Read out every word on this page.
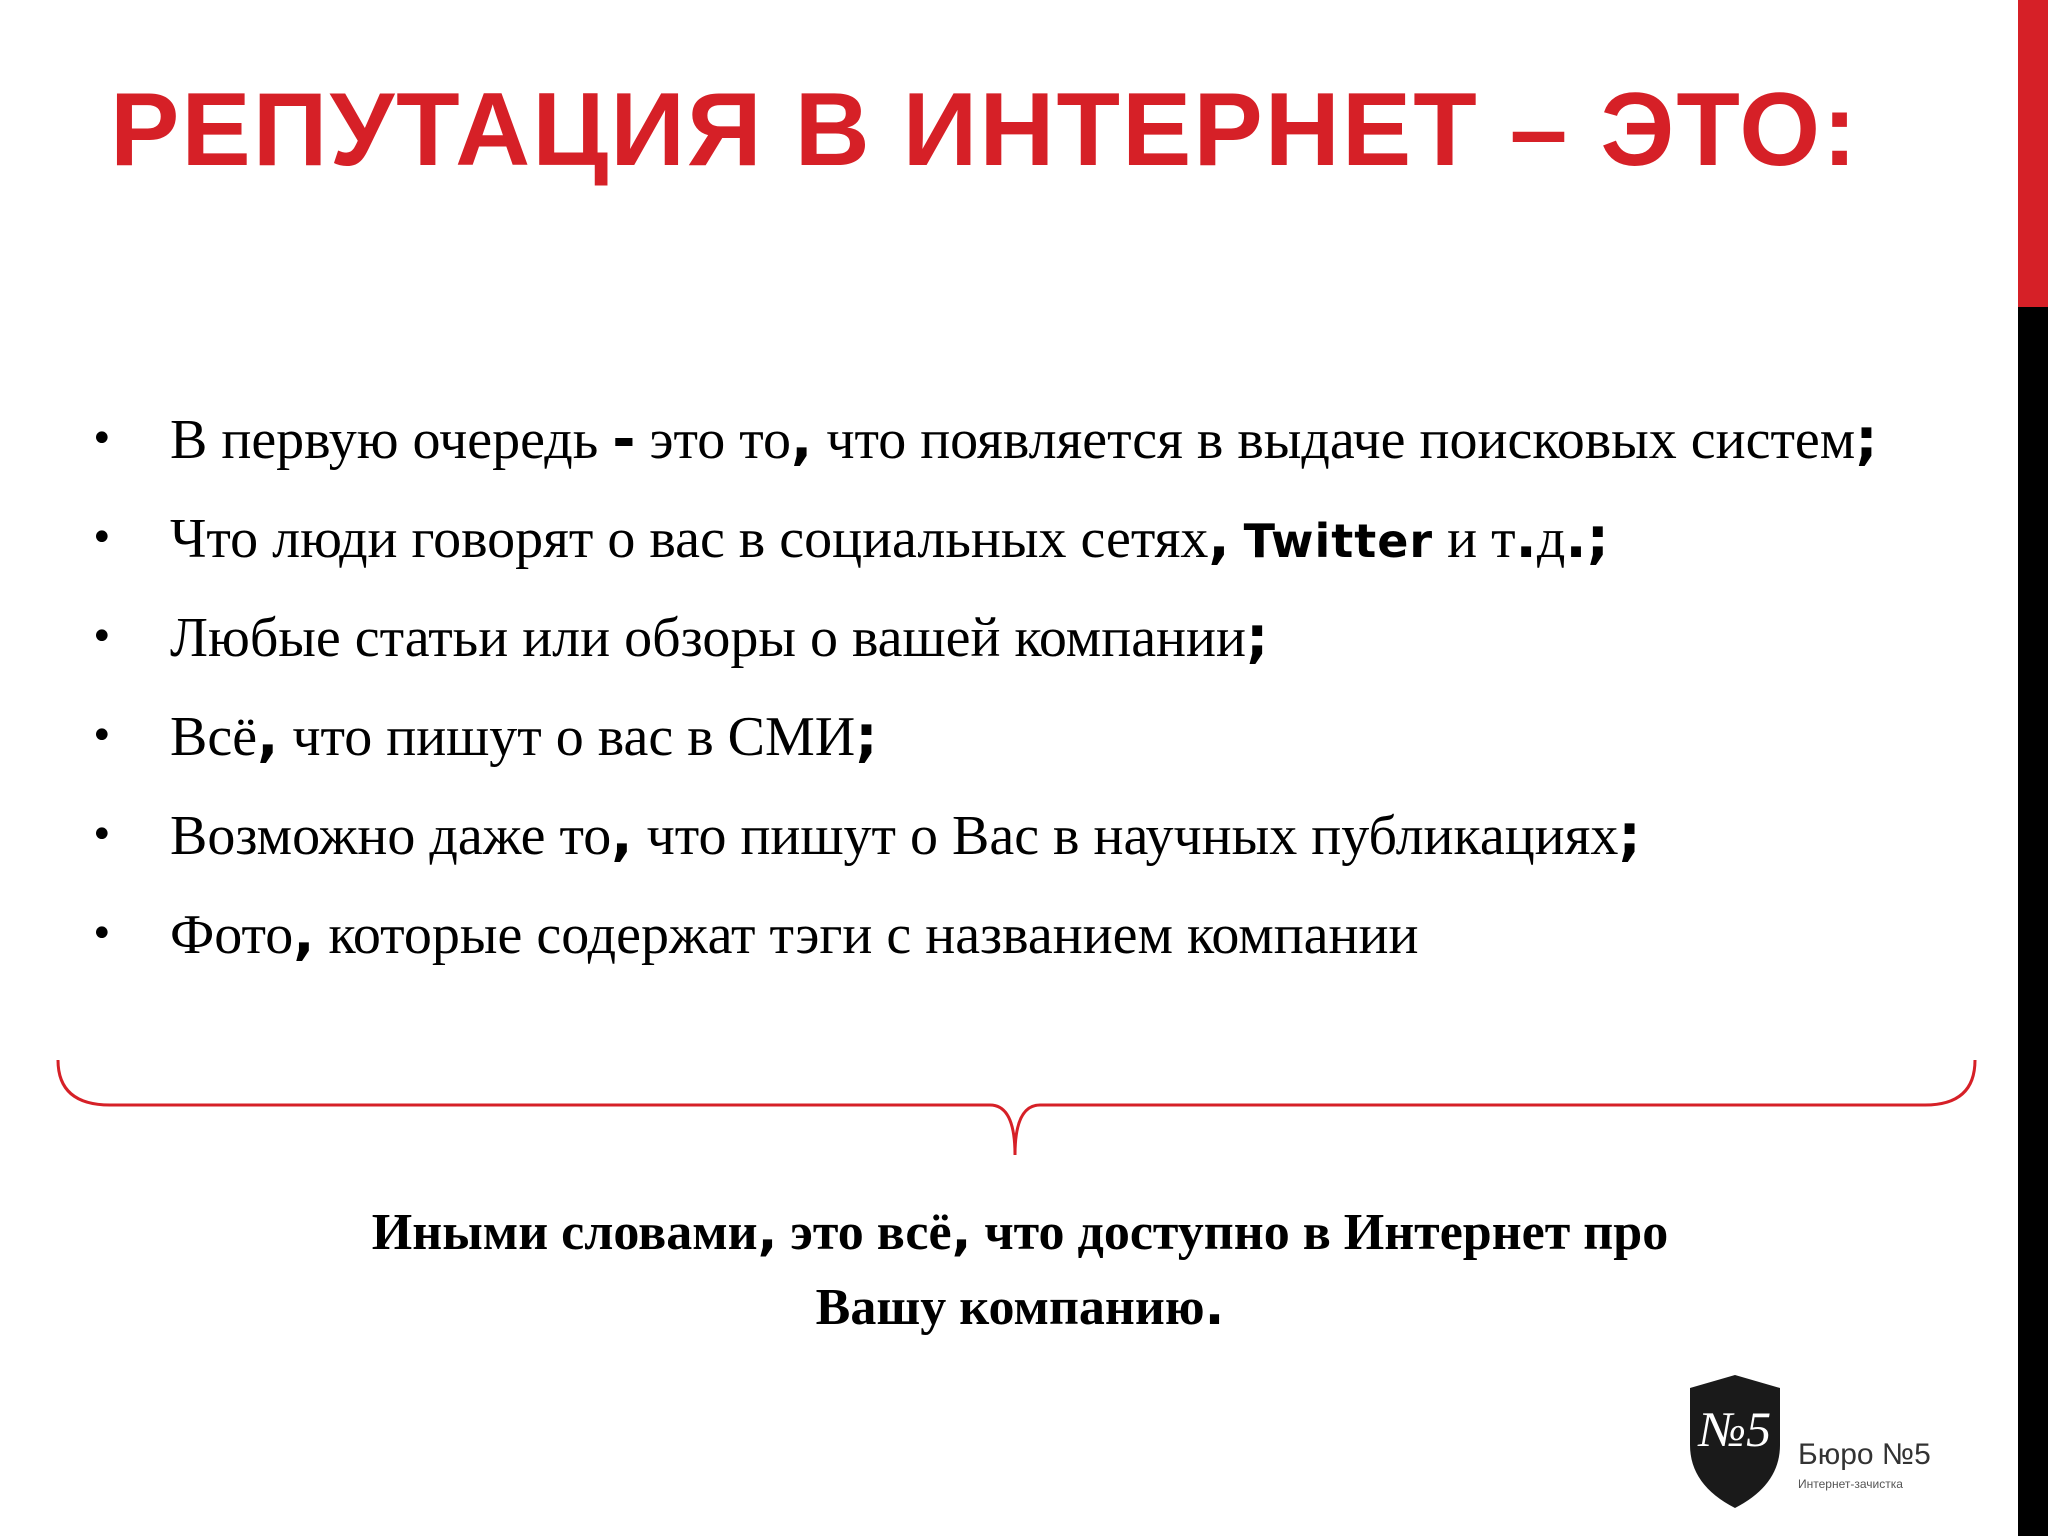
РЕПУТАЦИЯ В ИНТЕРНЕТ – ЭТО:
• В первую очередь - это то, что появляется в выдаче поисковых систем;
• Что люди говорят о вас в социальных сетях, Twitter и т.д.;
• Любые статьи или обзоры о вашей компании;
• Всё, что пишут о вас в СМИ;
• Возможно даже то, что пишут о Вас в научных публикациях;
• Фото, которые содержат тэги с названием компании

Иными словами, это всё, что доступно в Интернет про
Вашу компанию.

№5 Бюро №5
Интернет-зачистка
